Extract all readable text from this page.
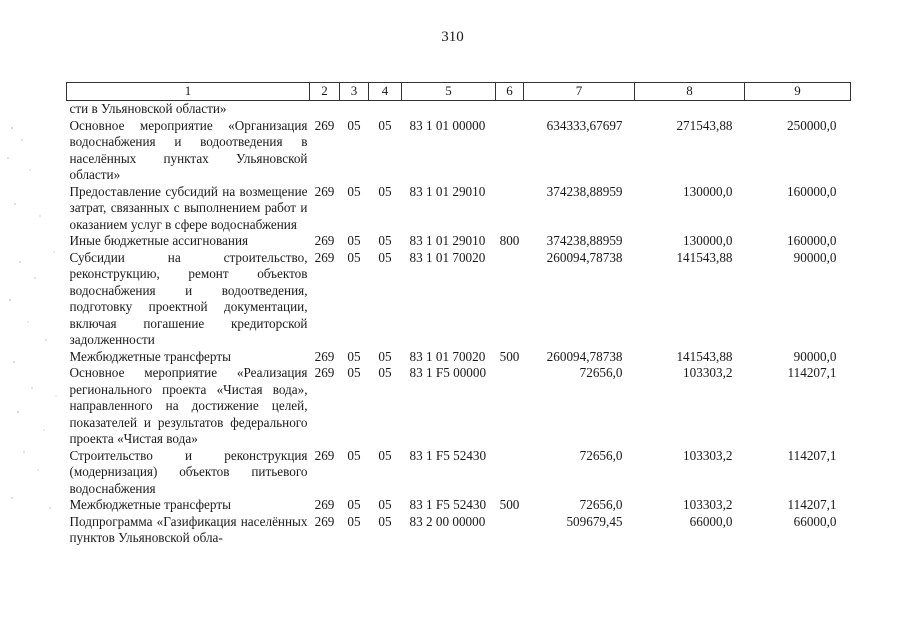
310
1	2	3	4	5	6	7	8	9
сти в Ульяновской области»								
Основное мероприятие «Организация водоснабжения и водоотведения в населённых пунктах Ульяновской области»	269	05	05	83 1 01 00000		634333,67697	271543,88	250000,0
Предоставление субсидий на возмещение затрат, связанных с выполнением работ и оказанием услуг в сфере водоснабжения	269	05	05	83 1 01 29010		374238,88959	130000,0	160000,0
Иные бюджетные ассигнования	269	05	05	83 1 01 29010	800	374238,88959	130000,0	160000,0
Субсидии на строительство, реконструкцию, ремонт объектов водоснабжения и водоотведения, подготовку проектной документации, включая погашение кредиторской задолженности	269	05	05	83 1 01 70020		260094,78738	141543,88	90000,0
Межбюджетные трансферты	269	05	05	83 1 01 70020	500	260094,78738	141543,88	90000,0
Основное мероприятие «Реализация регионального проекта «Чистая вода», направленного на достижение целей, показателей и результатов федерального проекта «Чистая вода»	269	05	05	83 1 F5 00000		72656,0	103303,2	114207,1
Строительство и реконструкция (модернизация) объектов питьевого водоснабжения	269	05	05	83 1 F5 52430		72656,0	103303,2	114207,1
Межбюджетные трансферты	269	05	05	83 1 F5 52430	500	72656,0	103303,2	114207,1
Подпрограмма «Газификация населённых пунктов Ульяновской обла-	269	05	05	83 2 00 00000		509679,45	66000,0	66000,0
